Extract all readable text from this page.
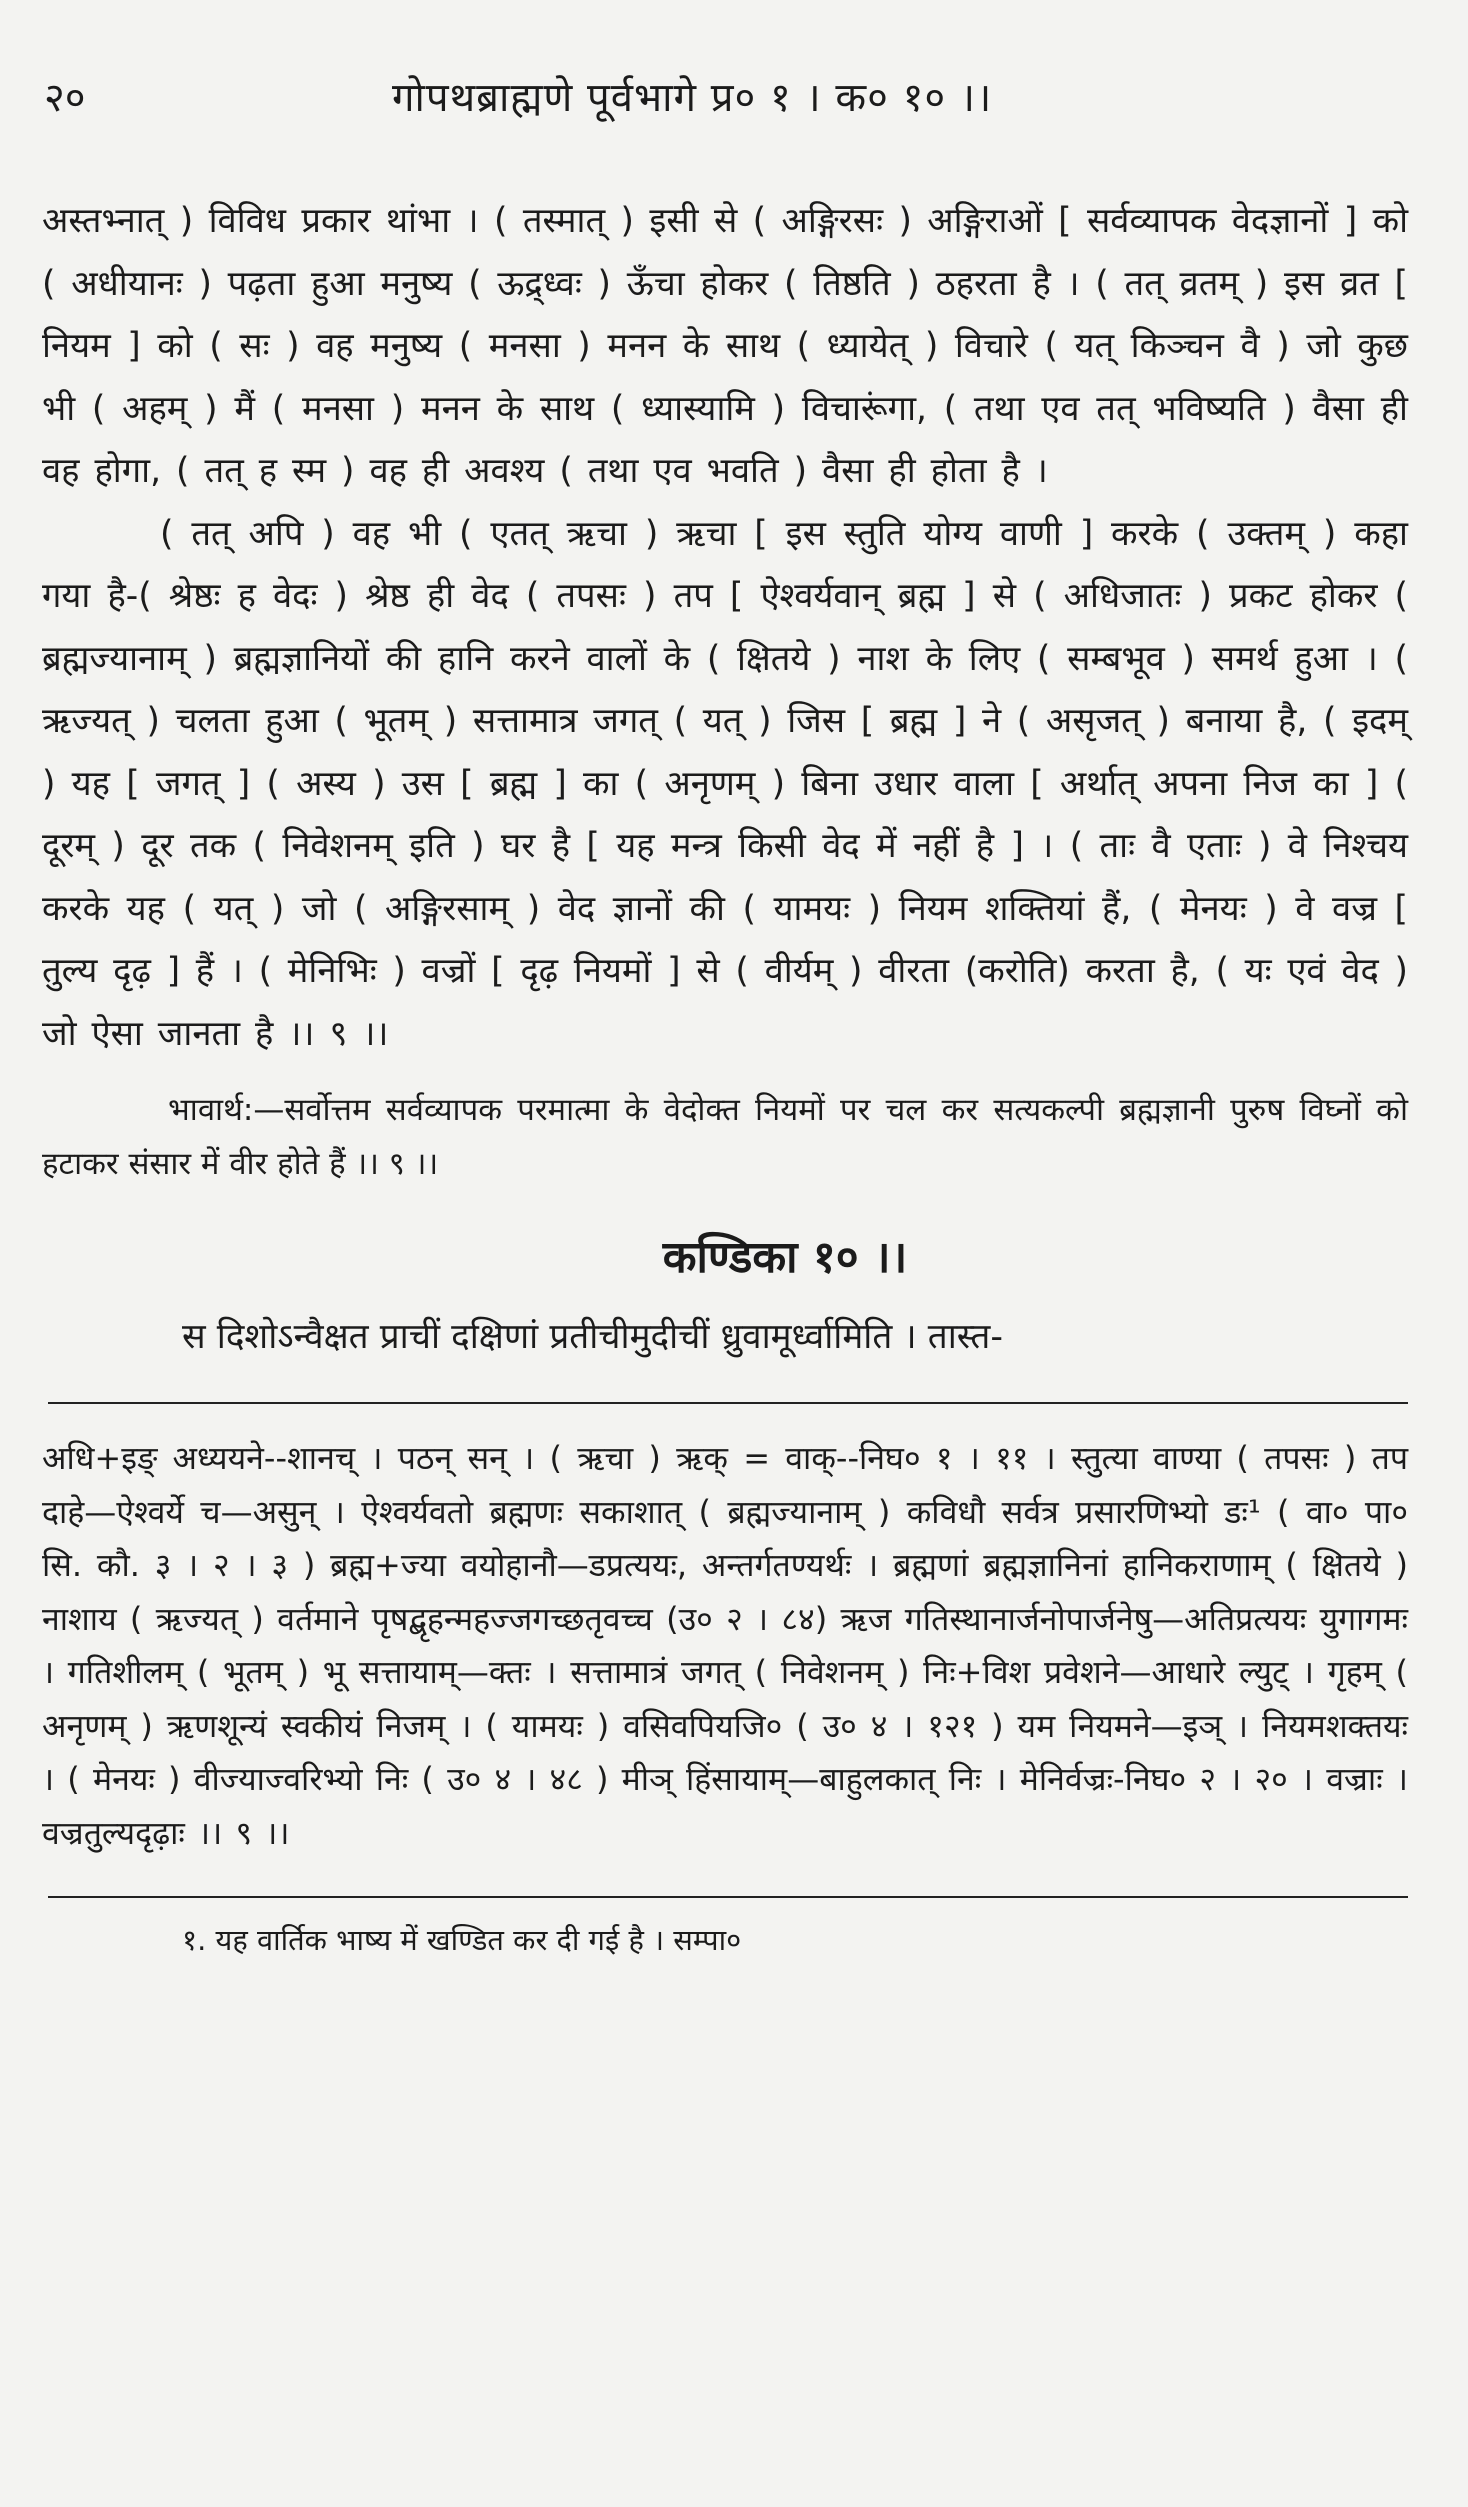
२०	गोपथब्राह्मणे पूर्वभागे प्र० १ । क० १० ।।

अस्तभ्नात् ) विविध प्रकार थांभा । ( तस्मात् ) इसी से ( अङ्गिरसः ) अङ्गिराओं [ सर्वव्यापक वेदज्ञानों ] को ( अधीयानः ) पढ़ता हुआ मनुष्य ( ऊद्र्ध्वः ) ऊँचा होकर ( तिष्ठति ) ठहरता है । ( तत् व्रतम् ) इस व्रत [ नियम ] को ( सः ) वह मनुष्य ( मनसा ) मनन के साथ ( ध्यायेत् ) विचारे ( यत् किञ्चन वै ) जो कुछ भी ( अहम् ) मैं ( मनसा ) मनन के साथ ( ध्यास्यामि ) विचारूंगा, ( तथा एव तत् भविष्यति ) वैसा ही वह होगा, ( तत् ह स्म ) वह ही अवश्य ( तथा एव भवति ) वैसा ही होता है ।

( तत् अपि ) वह भी ( एतत् ऋचा ) ऋचा [ इस स्तुति योग्य वाणी ] करके ( उक्तम् ) कहा गया है-( श्रेष्ठः ह वेदः ) श्रेष्ठ ही वेद ( तपसः ) तप [ ऐश्वर्यवान् ब्रह्म ] से ( अधिजातः ) प्रकट होकर ( ब्रह्मज्यानाम् ) ब्रह्मज्ञानियों की हानि करने वालों के ( क्षितये ) नाश के लिए ( सम्बभूव ) समर्थ हुआ । ( ऋज्यत् ) चलता हुआ ( भूतम् ) सत्तामात्र जगत् ( यत् ) जिस [ ब्रह्म ] ने ( असृजत् ) बनाया है, ( इदम् ) यह [ जगत् ] ( अस्य ) उस [ ब्रह्म ] का ( अनृणम् ) बिना उधार वाला [ अर्थात् अपना निज का ] ( दूरम् ) दूर तक ( निवेशनम् इति ) घर है [ यह मन्त्र किसी वेद में नहीं है ] । ( ताः वै एताः ) वे निश्चय करके यह ( यत् ) जो ( अङ्गिरसाम् ) वेद ज्ञानों की ( यामयः ) नियम शक्तियां हैं, ( मेनयः ) वे वज्र [ तुल्य दृढ़ ] हैं । ( मेनिभिः ) वज्रों [ दृढ़ नियमों ] से ( वीर्यम् ) वीरता (करोति) करता है, ( यः एवं वेद ) जो ऐसा जानता है ।। ९ ।।

भावार्थ:—सर्वोत्तम सर्वव्यापक परमात्मा के वेदोक्त नियमों पर चल कर सत्यकल्पी ब्रह्मज्ञानी पुरुष विघ्नों को हटाकर संसार में वीर होते हैं ।। ९ ।।

कण्डिका १० ।।

स दिशोऽन्वैक्षत प्राचीं दक्षिणां प्रतीचीमुदीचीं ध्रुवामूर्ध्वामिति । तास्त-

अधि+इङ् अध्ययने--शानच् । पठन् सन् । ( ऋचा ) ऋक् = वाक्--निघ० १ । ११ । स्तुत्या वाण्या ( तपसः ) तप दाहे—ऐश्वर्ये च—असुन् । ऐश्वर्यवतो ब्रह्मणः सकाशात् ( ब्रह्मज्यानाम् ) कविधौ सर्वत्र प्रसारणिभ्यो डः¹ ( वा० पा० सि. कौ. ३ । २ । ३ ) ब्रह्म+ज्या वयोहानौ—डप्रत्ययः, अन्तर्गतण्यर्थः । ब्रह्मणां ब्रह्मज्ञानिनां हानिकराणाम् ( क्षितये ) नाशाय ( ऋज्यत् ) वर्तमाने पृषद्बृहन्महज्जगच्छतृवच्च (उ० २ । ८४) ऋज गतिस्थानार्जनोपार्जनेषु—अतिप्रत्ययः युगागमः । गतिशीलम् ( भूतम् ) भू सत्तायाम्—क्तः । सत्तामात्रं जगत् ( निवेशनम् ) निः+विश प्रवेशने—आधारे ल्युट् । गृहम् ( अनृणम् ) ऋणशून्यं स्वकीयं निजम् । ( यामयः ) वसिवपियजि० ( उ० ४ । १२१ ) यम नियमने—इञ् । नियमशक्तयः । ( मेनयः ) वीज्याज्वरिभ्यो निः ( उ० ४ । ४८ ) मीञ् हिंसायाम्—बाहुलकात् निः । मेनिर्वज्रः-निघ० २ । २० । वज्राः । वज्रतुल्यदृढ़ाः ।। ९ ।।

१. यह वार्तिक भाष्य में खण्डित कर दी गई है । सम्पा०
